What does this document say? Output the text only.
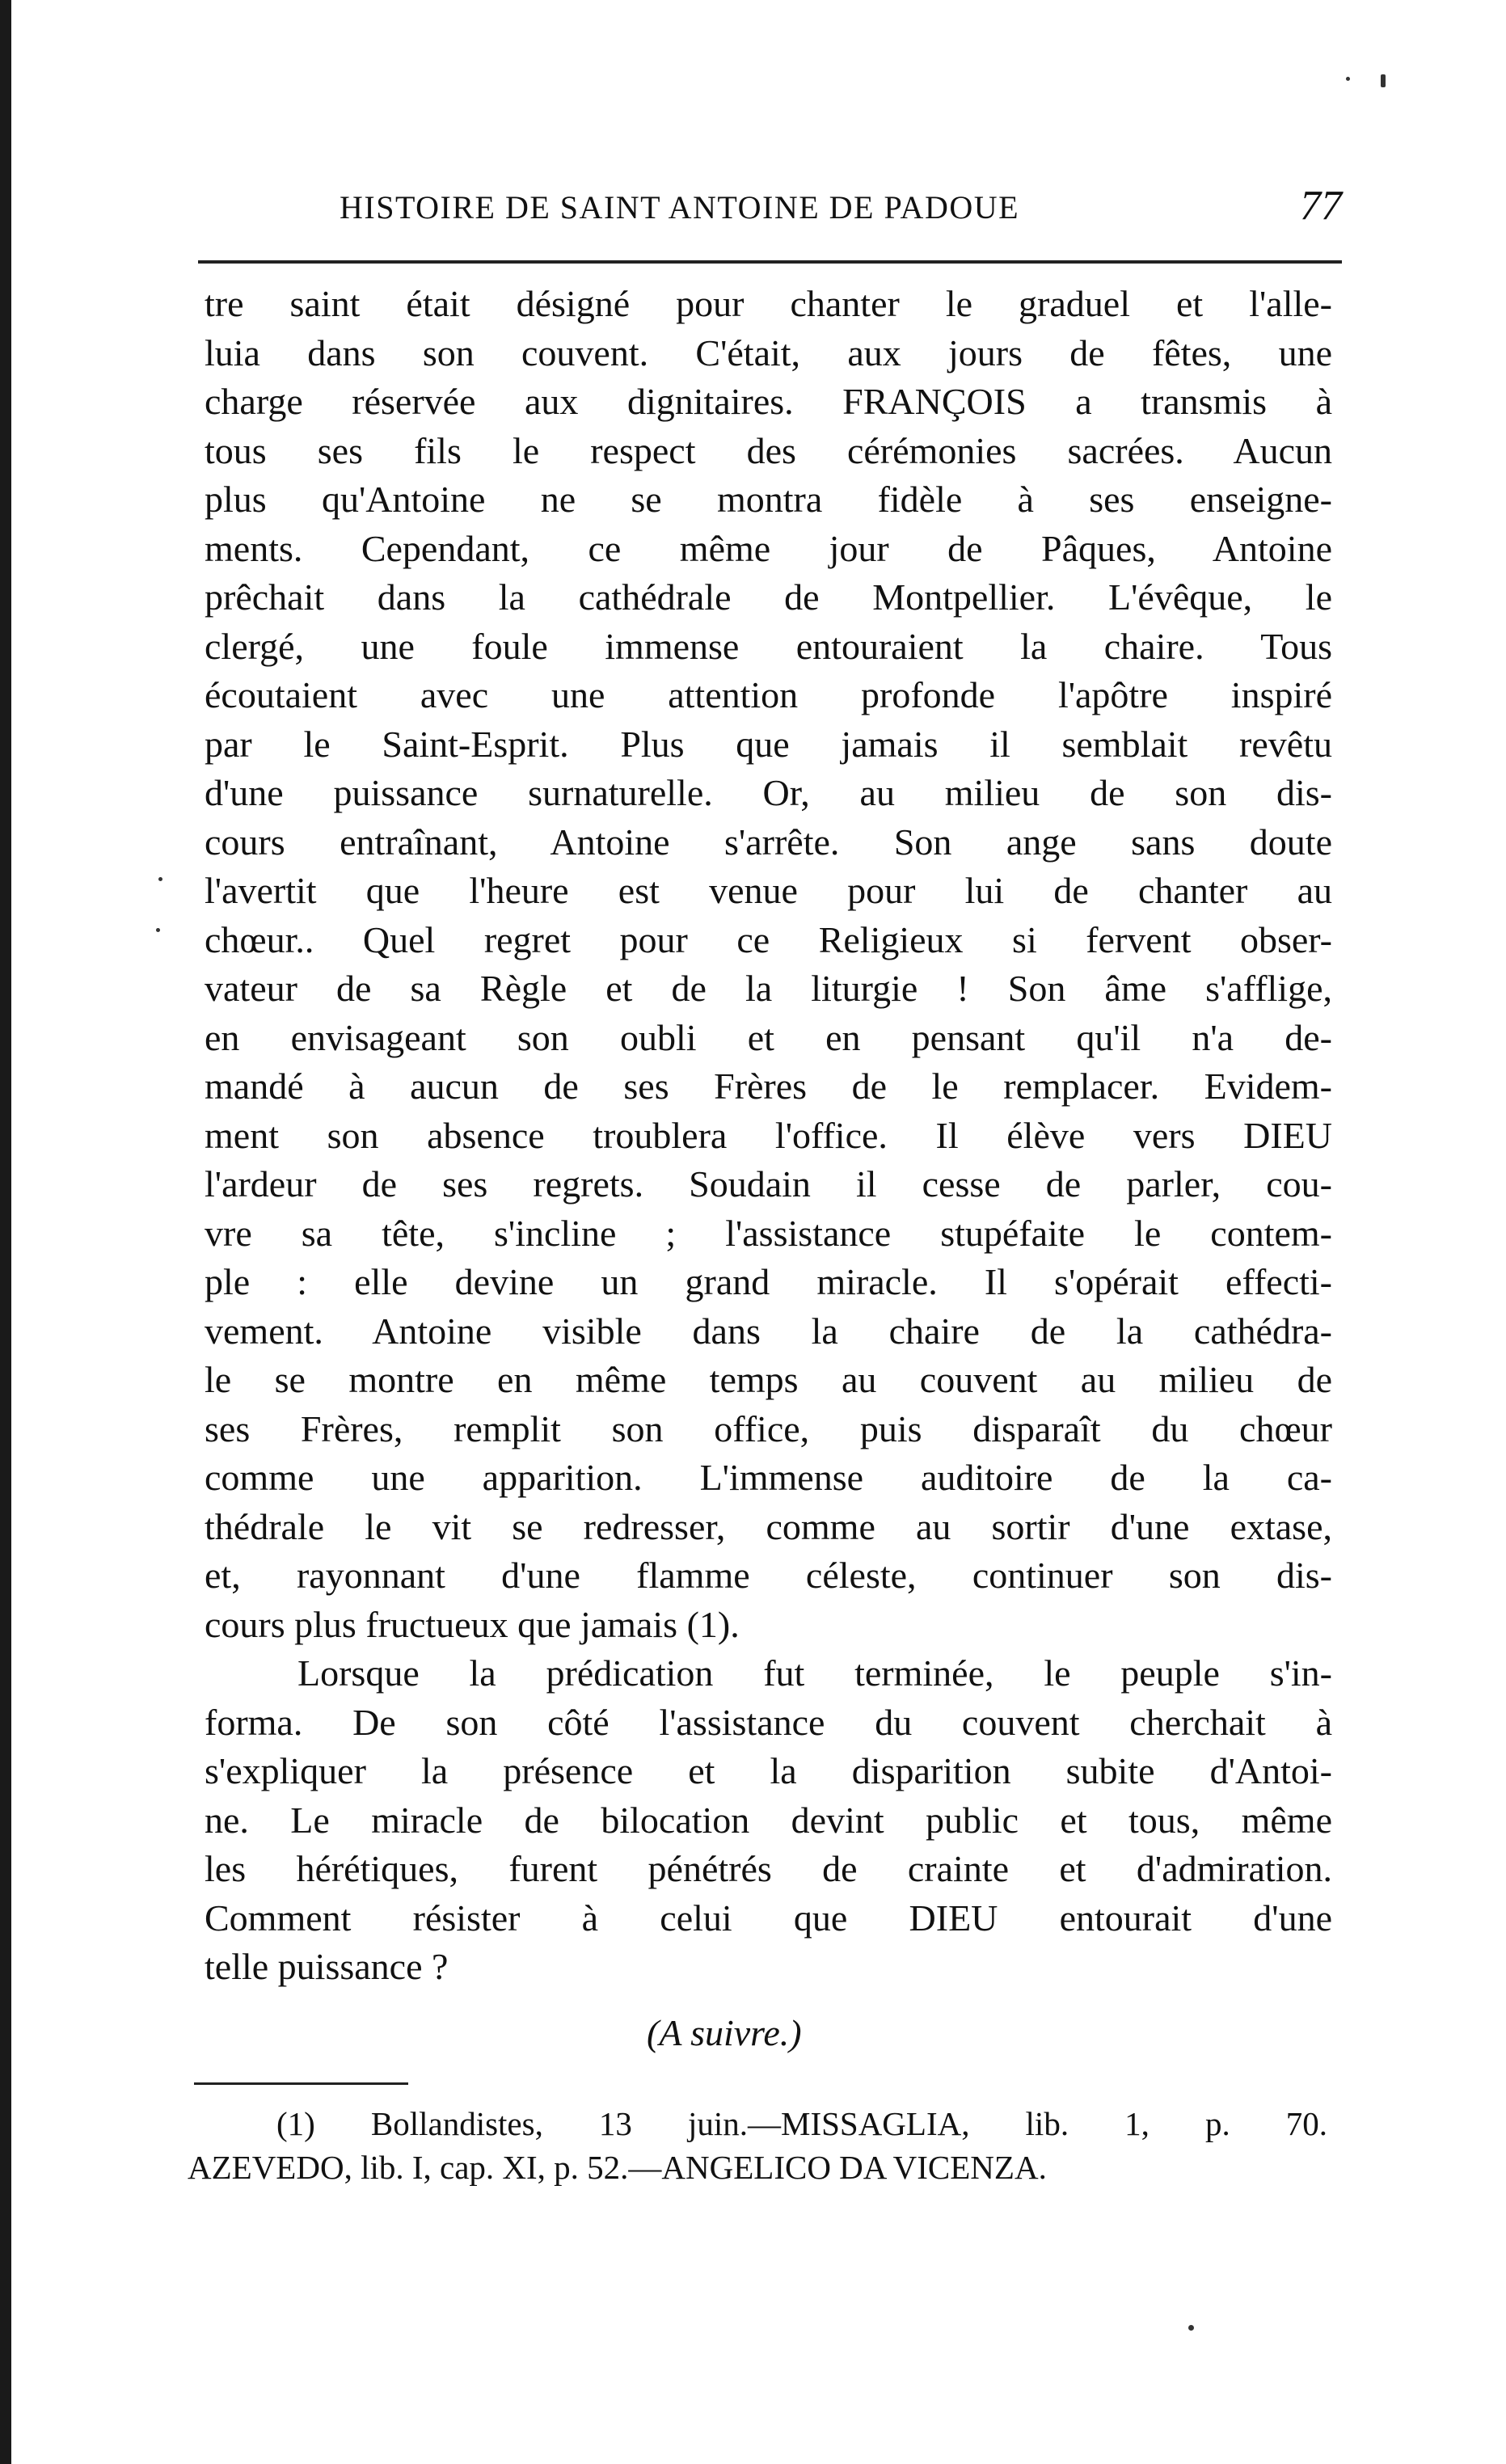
HISTOIRE DE SAINT ANTOINE DE PADOUE	77
tre saint était désigné pour chanter le graduel et l'alle-
luia dans son couvent. C'était, aux jours de fêtes, une
charge réservée aux dignitaires. FRANÇOIS a transmis à
tous ses fils le respect des cérémonies sacrées. Aucun
plus qu'Antoine ne se montra fidèle à ses enseigne-
ments. Cependant, ce même jour de Pâques, Antoine
prêchait dans la cathédrale de Montpellier. L'évêque, le
clergé, une foule immense entouraient la chaire. Tous
écoutaient avec une attention profonde l'apôtre inspiré
par le Saint-Esprit. Plus que jamais il semblait revêtu
d'une puissance surnaturelle. Or, au milieu de son dis-
cours entraînant, Antoine s'arrête. Son ange sans doute
l'avertit que l'heure est venue pour lui de chanter au
chœur.. Quel regret pour ce Religieux si fervent obser-
vateur de sa Règle et de la liturgie ! Son âme s'afflige,
en envisageant son oubli et en pensant qu'il n'a de-
mandé à aucun de ses Frères de le remplacer. Evidem-
ment son absence troublera l'office. Il élève vers DIEU
l'ardeur de ses regrets. Soudain il cesse de parler, cou-
vre sa tête, s'incline ; l'assistance stupéfaite le contem-
ple : elle devine un grand miracle. Il s'opérait effecti-
vement. Antoine visible dans la chaire de la cathédra-
le se montre en même temps au couvent au milieu de
ses Frères, remplit son office, puis disparaît du chœur
comme une apparition. L'immense auditoire de la ca-
thédrale le vit se redresser, comme au sortir d'une extase,
et, rayonnant d'une flamme céleste, continuer son dis-
cours plus fructueux que jamais (1).
Lorsque la prédication fut terminée, le peuple s'in-
forma. De son côté l'assistance du couvent cherchait à
s'expliquer la présence et la disparition subite d'Antoi-
ne. Le miracle de bilocation devint public et tous, même
les hérétiques, furent pénétrés de crainte et d'admiration.
Comment résister à celui que DIEU entourait d'une
telle puissance ?
(A suivre.)
(1) Bollandistes, 13 juin.—MISSAGLIA, lib. 1, p. 70.
AZEVEDO, lib. I, cap. XI, p. 52.—ANGELICO DA VICENZA.
